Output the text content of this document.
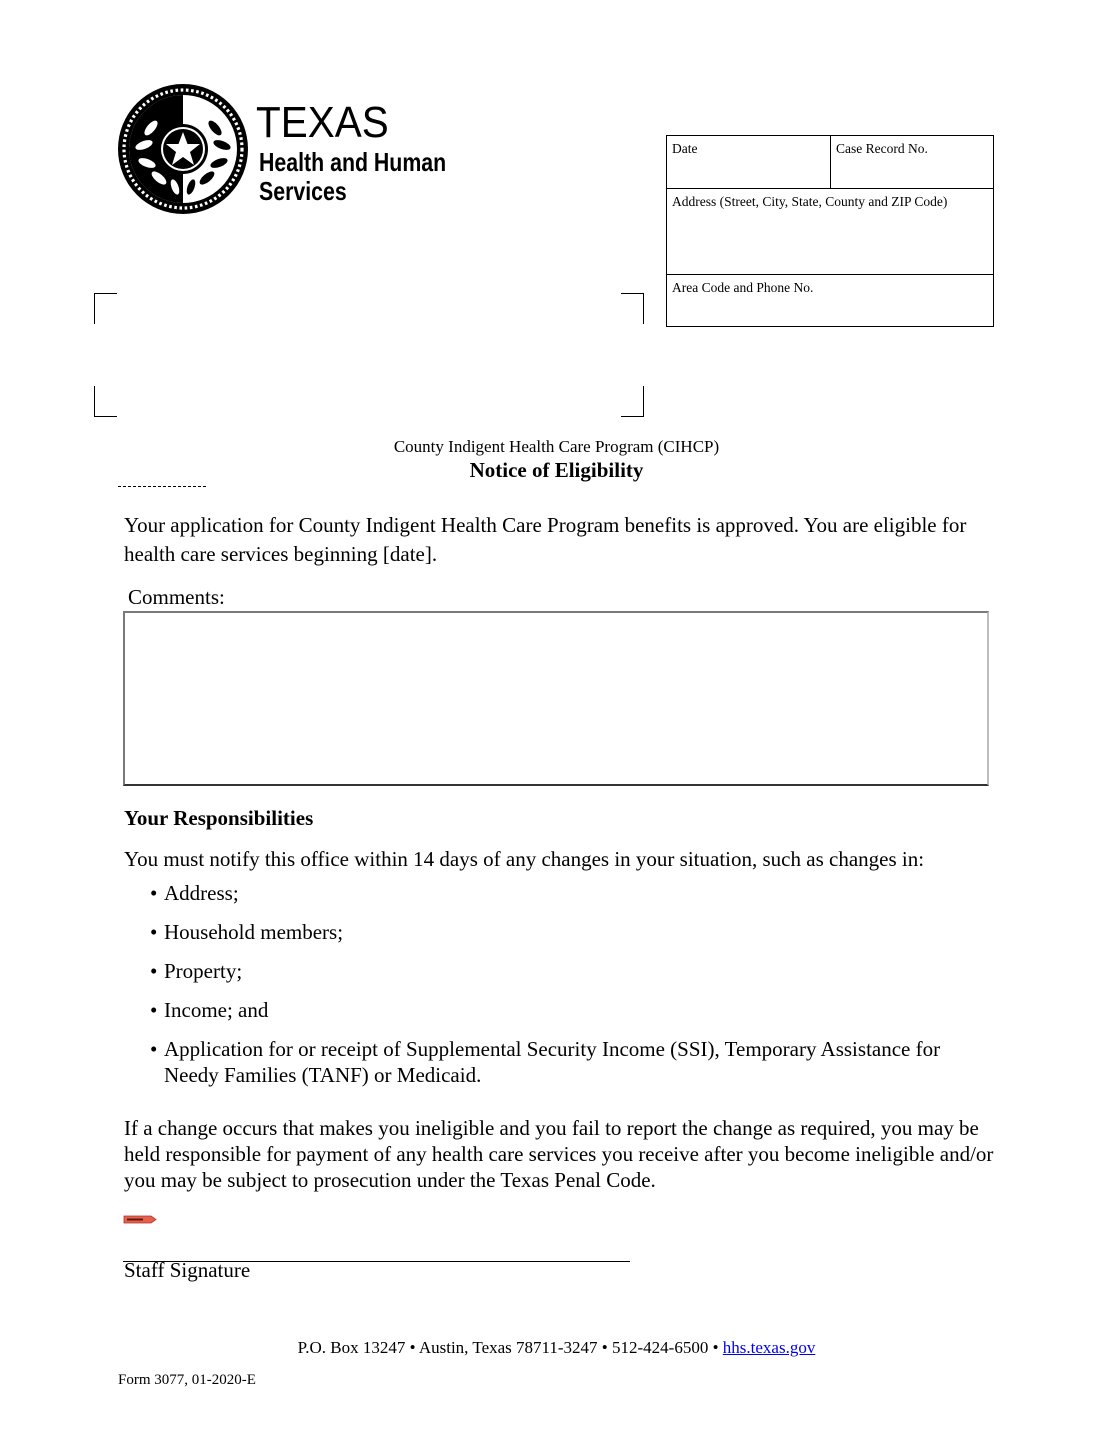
TEXAS
Health and Human
Services
Date	Case Record No.
Address (Street, City, State, County and ZIP Code)
Area Code and Phone No.
County Indigent Health Care Program (CIHCP)
Notice of Eligibility
Your application for County Indigent Health Care Program benefits is approved. You are eligible for health care services beginning [date].
Comments:
Your Responsibilities
You must notify this office within 14 days of any changes in your situation, such as changes in:
• Address;
• Household members;
• Property;
• Income; and
• Application for or receipt of Supplemental Security Income (SSI), Temporary Assistance for Needy Families (TANF) or Medicaid.
If a change occurs that makes you ineligible and you fail to report the change as required, you may be held responsible for payment of any health care services you receive after you become ineligible and/or you may be subject to prosecution under the Texas Penal Code.
Staff Signature
P.O. Box 13247 • Austin, Texas 78711-3247 • 512-424-6500 • hhs.texas.gov
Form 3077, 01-2020-E
